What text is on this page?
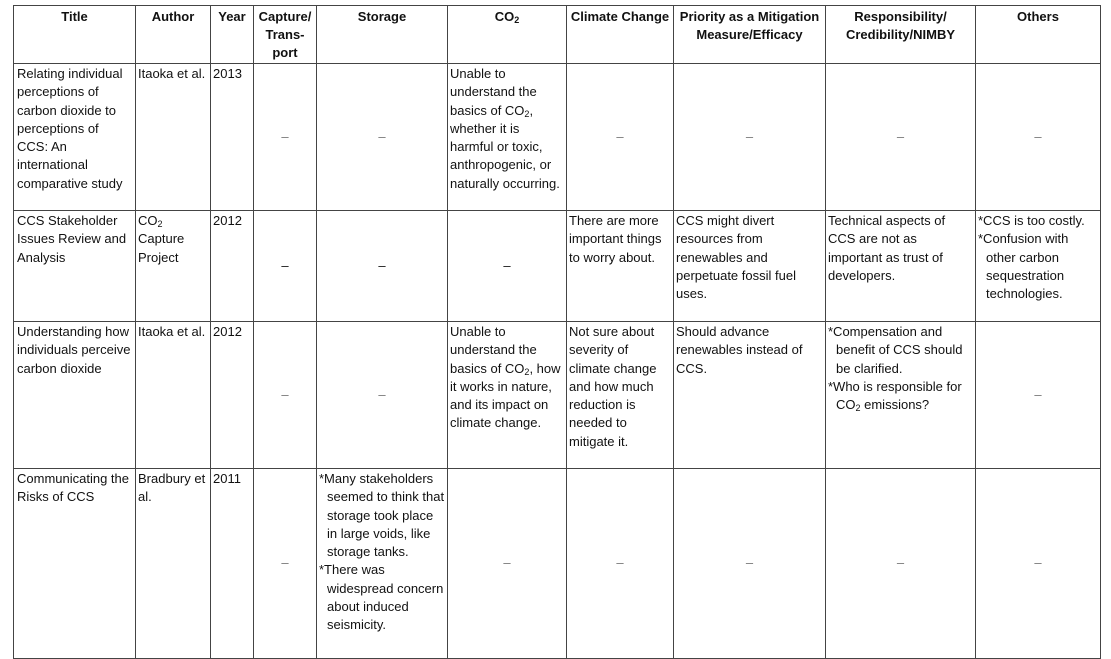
Title	Author	Year	Capture/
Trans-
port	Storage	$CO_2$	Climate Change	Priority as a Mitigation
Measure/Efficacy	Responsibility/
Credibility/NIMBY	Others
Relating individual perceptions of carbon dioxide to perceptions of CCS: An international comparative study	Itaoka et al.	2013	–	–	Unable to understand the basics of $CO_2$, whether it is harmful or toxic, anthropogenic, or naturally occurring.	–	–	–	–
CCS Stakeholder Issues Review and Analysis	$CO_2$ Capture Project	2012	–	–	–	There are more important things to worry about.	CCS might divert resources from renewables and perpetuate fossil fuel uses.	Technical aspects of CCS are not as important as trust of developers.	*CCS is too costly.
*Confusion with other carbon sequestration technologies.

Understanding how individuals perceive carbon dioxide	Itaoka et al.	2012	–	–	Unable to understand the basics of $CO_2$, how it works in nature, and its impact on climate change.	Not sure about severity of climate change and how much reduction is needed to mitigate it.	Should advance renewables instead of CCS.	*Compensation and benefit of CCS should be clarified.
*Who is responsible for $CO_2$ emissions?	–
Communicating the Risks of CCS	Bradbury et al.	2011	–	*Many stakeholders seemed to think that storage took place in large voids, like storage tanks.
*There was widespread concern about induced seismicity.	–	–	–	–	–
